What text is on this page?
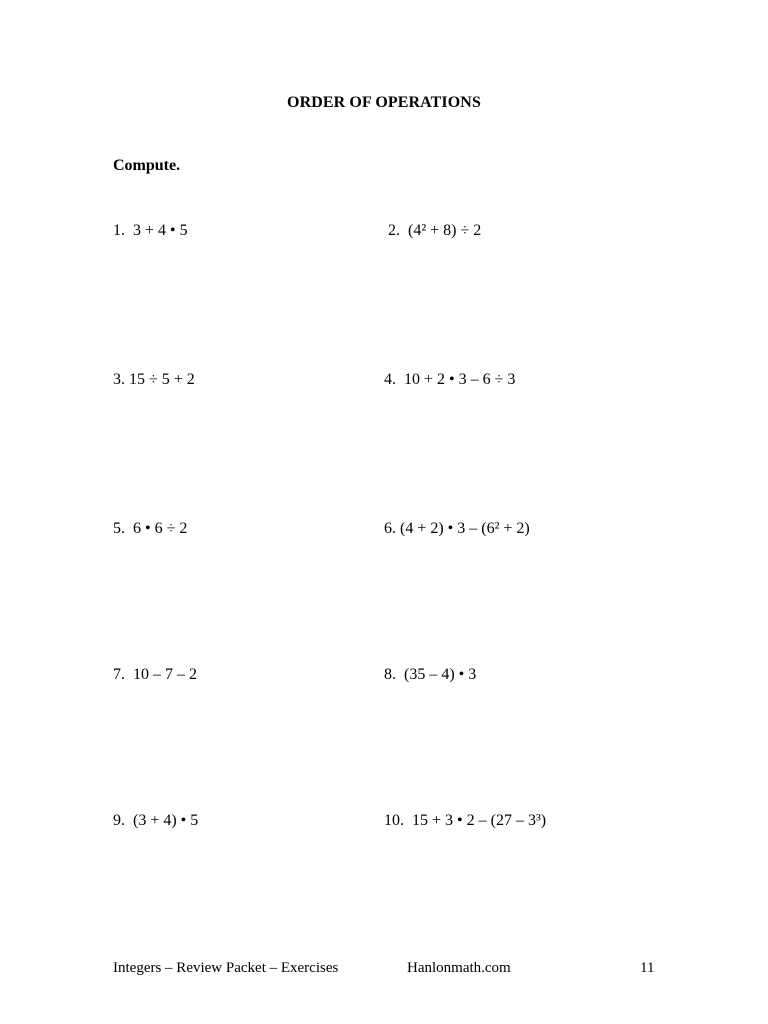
ORDER OF OPERATIONS
Compute.
1.  3 + 4 • 5	2.  (4² + 8) ÷ 2
3. 15 ÷ 5 + 2	4.  10 + 2 • 3 – 6 ÷ 3
5.  6 • 6 ÷ 2	6. (4 + 2) • 3 – (6² + 2)
7.  10 – 7 – 2	8.  (35 – 4) • 3
9.  (3 + 4) • 5	10.  15 + 3 • 2 – (27 – 3³)
Integers – Review Packet – Exercises	Hanlonmath.com	11
